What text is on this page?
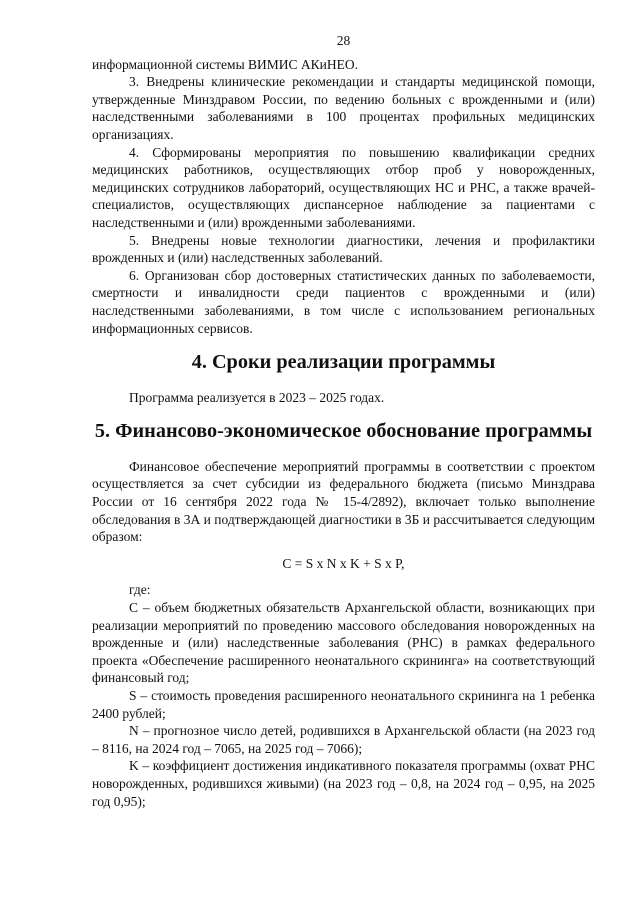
28

информационной системы ВИМИС АКиНЕО.

3. Внедрены клинические рекомендации и стандарты медицинской помощи, утвержденные Минздравом России, по ведению больных с врожденными и (или) наследственными заболеваниями в 100 процентах профильных медицинских организациях.

4. Сформированы мероприятия по повышению квалификации средних медицинских работников, осуществляющих отбор проб у новорожденных, медицинских сотрудников лабораторий, осуществляющих НС и РНС, а также врачей-специалистов, осуществляющих диспансерное наблюдение за пациентами с наследственными и (или) врожденными заболеваниями.

5. Внедрены новые технологии диагностики, лечения и профилактики врожденных и (или) наследственных заболеваний.

6. Организован сбор достоверных статистических данных по заболеваемости, смертности и инвалидности среди пациентов с врожденными и (или) наследственными заболеваниями, в том числе с использованием региональных информационных сервисов.

4. Сроки реализации программы

Программа реализуется в 2023 – 2025 годах.

5. Финансово-экономическое обоснование программы

Финансовое обеспечение мероприятий программы в соответствии с проектом осуществляется за счет субсидии из федерального бюджета (письмо Минздрава России от 16 сентября 2022 года № 15-4/2892), включает только выполнение обследования в 3А и подтверждающей диагностики в 3Б и рассчитывается следующим образом:

С = S х N х K + S х P,

где:

С – объем бюджетных обязательств Архангельской области, возникающих при реализации мероприятий по проведению массового обследования новорожденных на врожденные и (или) наследственные заболевания (РНС) в рамках федерального проекта «Обеспечение расширенного неонатального скрининга» на соответствующий финансовый год;

S – стоимость проведения расширенного неонатального скрининга на 1 ребенка 2400 рублей;

N – прогнозное число детей, родившихся в Архангельской области (на 2023 год – 8116, на 2024 год – 7065, на 2025 год – 7066);

K – коэффициент достижения индикативного показателя программы (охват РНС новорожденных, родившихся живыми) (на 2023 год – 0,8, на 2024 год – 0,95, на 2025 год 0,95);
